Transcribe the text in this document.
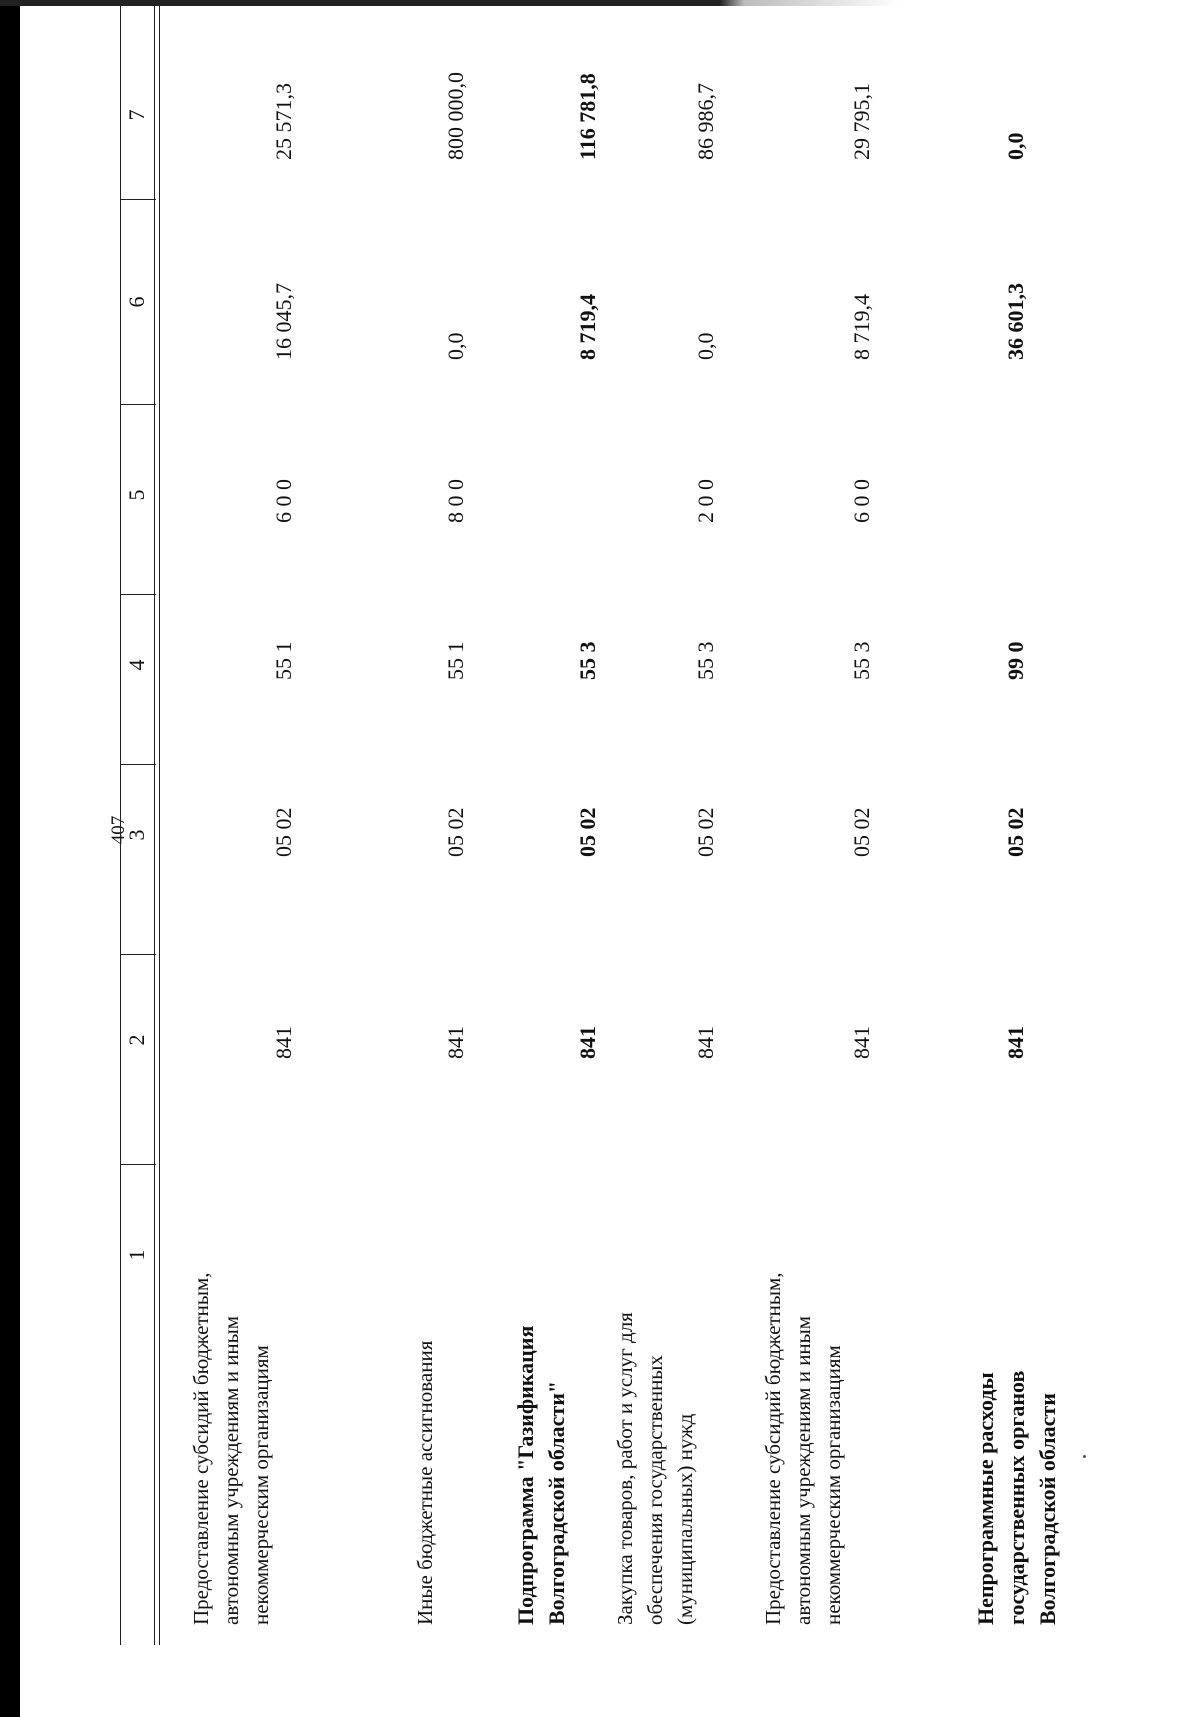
407
1
2
3
4
5
6
7
Предоставление субсидий бюджетным, автономным учреждениям и иным некоммерческим организациям
841
05 02
55 1
6 0 0
16 045,7
25 571,3
Иные бюджетные ассигнования
841
05 02
55 1
8 0 0
0,0
800 000,0
Подпрограмма "Газификация Волгоградской области"
841
05 02
55 3
8 719,4
116 781,8
Закупка товаров, работ и услуг для обеспечения государственных (муниципальных) нужд
841
05 02
55 3
2 0 0
0,0
86 986,7
Предоставление субсидий бюджетным, автономным учреждениям и иным некоммерческим организациям
841
05 02
55 3
6 0 0
8 719,4
29 795,1
Непрограммные расходы государственных органов Волгоградской области
841
05 02
99 0
36 601,3
0,0
